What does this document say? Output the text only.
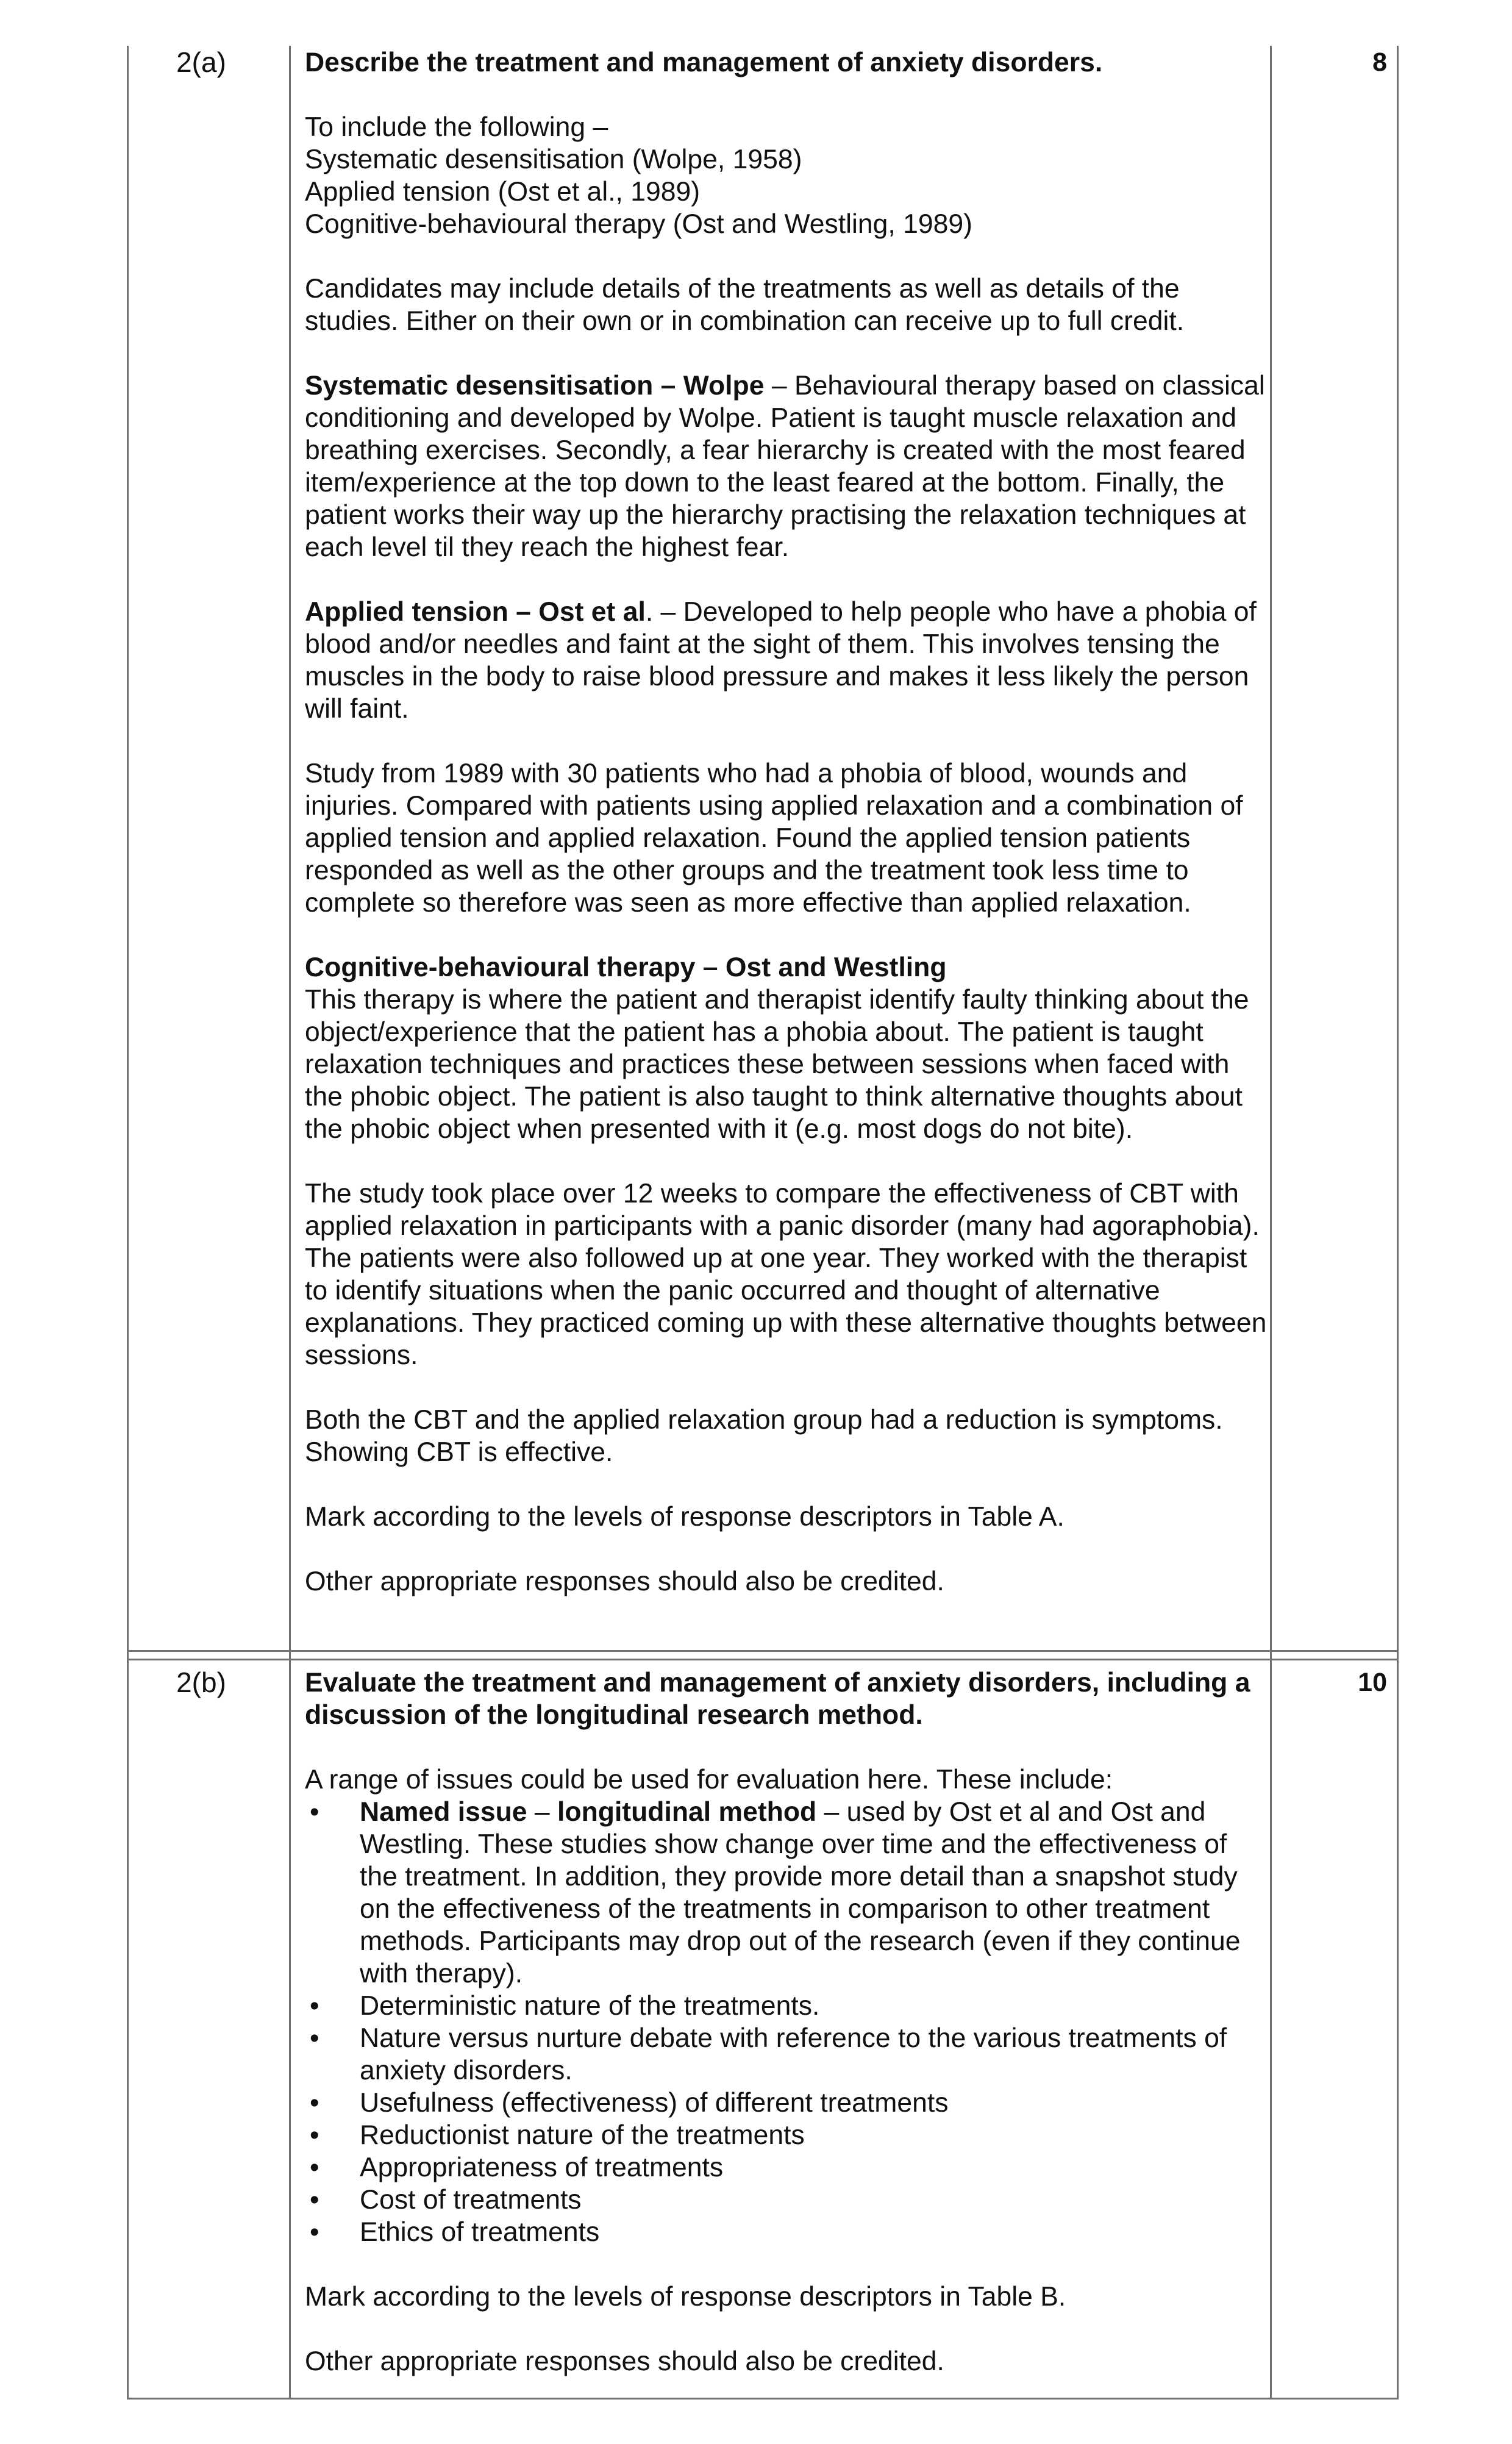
2(a)	8

Describe the treatment and management of anxiety disorders.

To include the following –

Systematic desensitisation (Wolpe, 1958)

Applied tension (Ost et al., 1989)

Cognitive-behavioural therapy (Ost and Westling, 1989)

Candidates may include details of the treatments as well as details of the studies. Either on their own or in combination can receive up to full credit.

Systematic desensitisation – Wolpe – Behavioural therapy based on classical conditioning and developed by Wolpe. Patient is taught muscle relaxation and breathing exercises. Secondly, a fear hierarchy is created with the most feared item/experience at the top down to the least feared at the bottom. Finally, the patient works their way up the hierarchy practising the relaxation techniques at each level til they reach the highest fear.

Applied tension – Ost et al. – Developed to help people who have a phobia of blood and/or needles and faint at the sight of them. This involves tensing the muscles in the body to raise blood pressure and makes it less likely the person will faint.

Study from 1989 with 30 patients who had a phobia of blood, wounds and injuries. Compared with patients using applied relaxation and a combination of applied tension and applied relaxation. Found the applied tension patients responded as well as the other groups and the treatment took less time to complete so therefore was seen as more effective than applied relaxation.

Cognitive-behavioural therapy – Ost and Westling

This therapy is where the patient and therapist identify faulty thinking about the object/experience that the patient has a phobia about. The patient is taught relaxation techniques and practices these between sessions when faced with the phobic object. The patient is also taught to think alternative thoughts about the phobic object when presented with it (e.g. most dogs do not bite).

The study took place over 12 weeks to compare the effectiveness of CBT with applied relaxation in participants with a panic disorder (many had agoraphobia). The patients were also followed up at one year. They worked with the therapist to identify situations when the panic occurred and thought of alternative explanations. They practiced coming up with these alternative thoughts between sessions.

Both the CBT and the applied relaxation group had a reduction is symptoms. Showing CBT is effective.

Mark according to the levels of response descriptors in Table A.

Other appropriate responses should also be credited.

2(b)	10

Evaluate the treatment and management of anxiety disorders, including a discussion of the longitudinal research method.

A range of issues could be used for evaluation here. These include:

• Named issue – longitudinal method – used by Ost et al and Ost and Westling. These studies show change over time and the effectiveness of the treatment. In addition, they provide more detail than a snapshot study on the effectiveness of the treatments in comparison to other treatment methods. Participants may drop out of the research (even if they continue with therapy).
• Deterministic nature of the treatments.
• Nature versus nurture debate with reference to the various treatments of anxiety disorders.
• Usefulness (effectiveness) of different treatments
• Reductionist nature of the treatments
• Appropriateness of treatments
• Cost of treatments
• Ethics of treatments

Mark according to the levels of response descriptors in Table B.

Other appropriate responses should also be credited.
